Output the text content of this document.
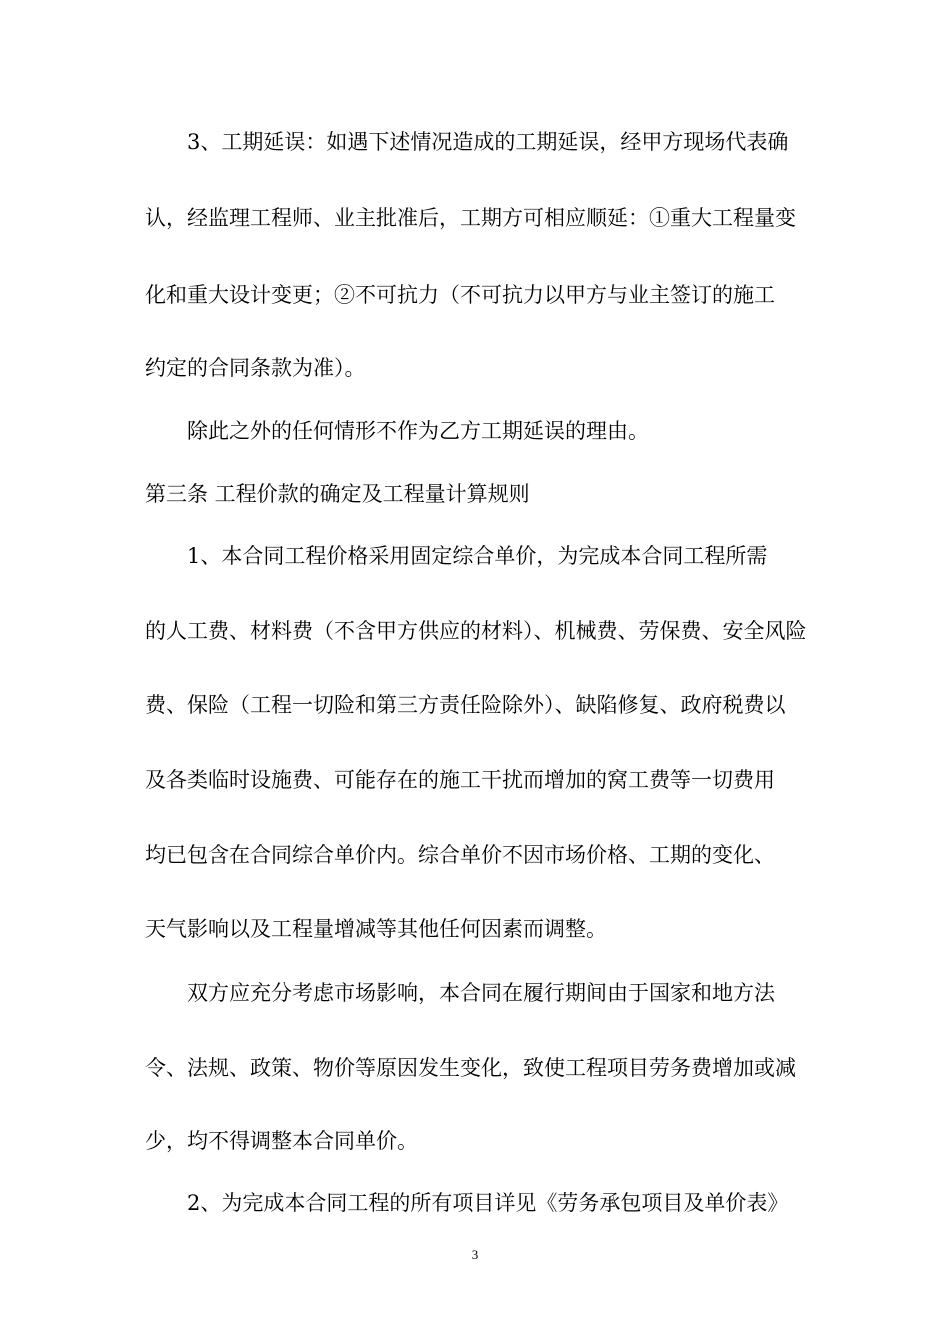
3、工期延误：如遇下述情况造成的工期延误，经甲方现场代表确
认，经监理工程师、业主批准后，工期方可相应顺延：①重大工程量变
化和重大设计变更；②不可抗力（不可抗力以甲方与业主签订的施工
约定的合同条款为准）。
除此之外的任何情形不作为乙方工期延误的理由。
第三条 工程价款的确定及工程量计算规则
1、本合同工程价格采用固定综合单价，为完成本合同工程所需
的人工费、材料费（不含甲方供应的材料）、机械费、劳保费、安全风险
费、保险（工程一切险和第三方责任险除外）、缺陷修复、政府税费以
及各类临时设施费、可能存在的施工干扰而增加的窝工费等一切费用
均已包含在合同综合单价内。综合单价不因市场价格、工期的变化、
天气影响以及工程量增减等其他任何因素而调整。
双方应充分考虑市场影响，本合同在履行期间由于国家和地方法
令、法规、政策、物价等原因发生变化，致使工程项目劳务费增加或减
少，均不得调整本合同单价。
2、为完成本合同工程的所有项目详见《劳务承包项目及单价表》
3
